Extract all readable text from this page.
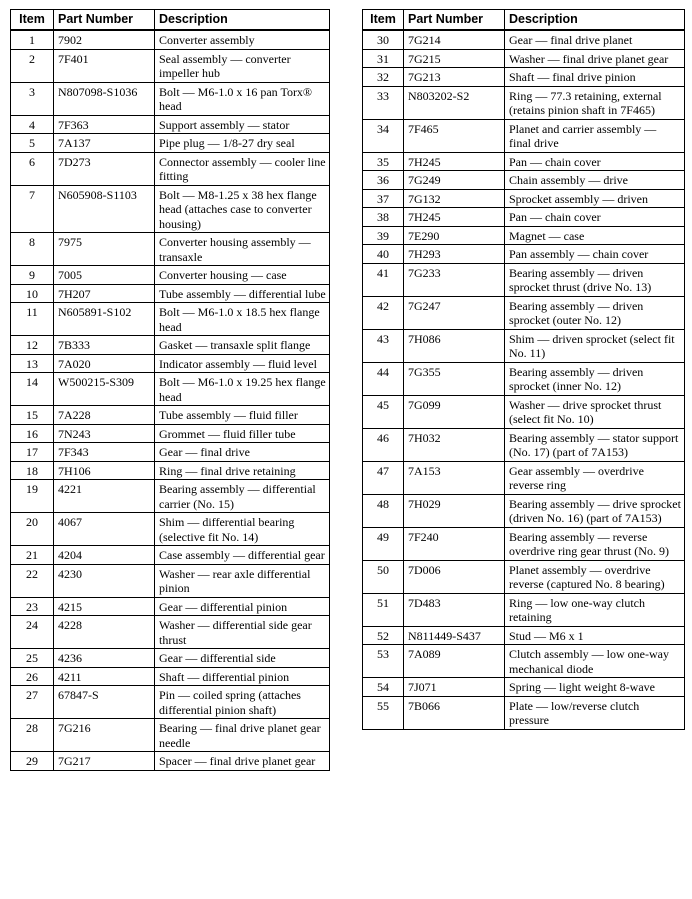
Item	Part Number	Description
1	7902	Converter assembly
2	7F401	Seal assembly — converter impeller hub
3	N807098-S1036	Bolt — M6-1.0 x 16 pan Torx® head
4	7F363	Support assembly — stator
5	7A137	Pipe plug — 1/8-27 dry seal
6	7D273	Connector assembly — cooler line fitting
7	N605908-S1103	Bolt — M8-1.25 x 38 hex flange head (attaches case to converter housing)
8	7975	Converter housing assembly — transaxle
9	7005	Converter housing — case
10	7H207	Tube assembly — differential lube
11	N605891-S102	Bolt — M6-1.0 x 18.5 hex flange head
12	7B333	Gasket — transaxle split flange
13	7A020	Indicator assembly — fluid level
14	W500215-S309	Bolt — M6-1.0 x 19.25 hex flange head
15	7A228	Tube assembly — fluid filler
16	7N243	Grommet — fluid filler tube
17	7F343	Gear — final drive
18	7H106	Ring — final drive retaining
19	4221	Bearing assembly — differential carrier (No. 15)
20	4067	Shim — differential bearing (selective fit No. 14)
21	4204	Case assembly — differential gear
22	4230	Washer — rear axle differential pinion
23	4215	Gear — differential pinion
24	4228	Washer — differential side gear thrust
25	4236	Gear — differential side
26	4211	Shaft — differential pinion
27	67847-S	Pin — coiled spring (attaches differential pinion shaft)
28	7G216	Bearing — final drive planet gear needle
29	7G217	Spacer — final drive planet gear
Item	Part Number	Description
30	7G214	Gear — final drive planet
31	7G215	Washer — final drive planet gear
32	7G213	Shaft — final drive pinion
33	N803202-S2	Ring — 77.3 retaining, external (retains pinion shaft in 7F465)
34	7F465	Planet and carrier assembly — final drive
35	7H245	Pan — chain cover
36	7G249	Chain assembly — drive
37	7G132	Sprocket assembly — driven
38	7H245	Pan — chain cover
39	7E290	Magnet — case
40	7H293	Pan assembly — chain cover
41	7G233	Bearing assembly — driven sprocket thrust (drive No. 13)
42	7G247	Bearing assembly — driven sprocket (outer No. 12)
43	7H086	Shim — driven sprocket (select fit No. 11)
44	7G355	Bearing assembly — driven sprocket (inner No. 12)
45	7G099	Washer — drive sprocket thrust (select fit No. 10)
46	7H032	Bearing assembly — stator support (No. 17) (part of 7A153)
47	7A153	Gear assembly — overdrive reverse ring
48	7H029	Bearing assembly — drive sprocket (driven No. 16) (part of 7A153)
49	7F240	Bearing assembly — reverse overdrive ring gear thrust (No. 9)
50	7D006	Planet assembly — overdrive reverse (captured No. 8 bearing)
51	7D483	Ring — low one-way clutch retaining
52	N811449-S437	Stud — M6 x 1
53	7A089	Clutch assembly — low one-way mechanical diode
54	7J071	Spring — light weight 8-wave
55	7B066	Plate — low/reverse clutch pressure
